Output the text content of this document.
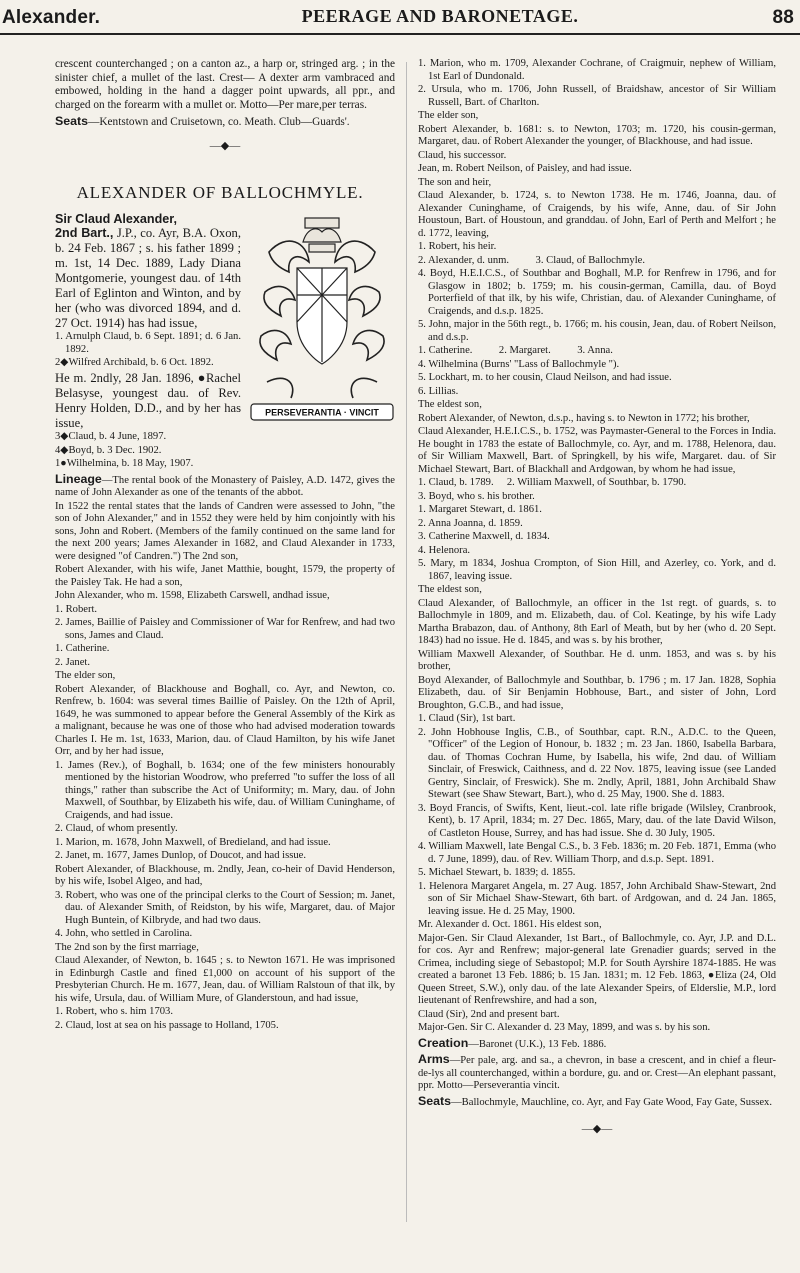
Alexander.	PEERAGE AND BARONETAGE.	88

crescent counterchanged ; on a canton az., a harp or, stringed arg. ; in the sinister chief, a mullet of the last. Crest— A dexter arm vambraced and embowed, holding in the hand a dagger point upwards, all ppr., and charged on the forearm with a mullet or. Motto—Per mare,per terras.

Seats—Kentstown and Cruisetown, co. Meath. Club—Guards'.

—◆—
ALEXANDER OF BALLOCHMYLE.
PERSEVERANTIA · VINCIT

Sir Claud Alexander,
2nd Bart., J.P., co. Ayr, B.A. Oxon, b. 24 Feb. 1867 ; s. his father 1899 ; m. 1st, 14 Dec. 1889, Lady Diana Montgomerie, youngest dau. of 14th Earl of Eglinton and Winton, and by her (who was divorced 1894, and d. 27 Oct. 1914) has had issue,

1. Arnulph Claud, b. 6 Sept. 1891; d. 6 Jan. 1892.

2◆Wilfred Archibald, b. 6 Oct. 1892.

He m. 2ndly, 28 Jan. 1896, ●Rachel Belasyse, youngest dau. of Rev. Henry Holden, D.D., and by her has issue,

3◆Claud, b. 4 June, 1897.

4◆Boyd, b. 3 Dec. 1902.

1●Wilhelmina, b. 18 May, 1907.

Lineage—The rental book of the Monastery of Paisley, A.D. 1472, gives the name of John Alexander as one of the tenants of the abbot.

In 1522 the rental states that the lands of Candren were assessed to John, "the son of John Alexander," and in 1552 they were held by him conjointly with his sons, John and Robert. (Members of the family continued on the same land for the next 200 years; James Alexander in 1682, and Claud Alexander in 1733, were designed "of Candren.") The 2nd son,

Robert Alexander, with his wife, Janet Matthie, bought, 1579, the property of the Paisley Tak. He had a son,

John Alexander, who m. 1598, Elizabeth Carswell, andhad issue,

1. Robert.

2. James, Baillie of Paisley and Commissioner of War for Renfrew, and had two sons, James and Claud.

1. Catherine.

2. Janet.

The elder son,

Robert Alexander, of Blackhouse and Boghall, co. Ayr, and Newton, co. Renfrew, b. 1604: was several times Baillie of Paisley. On the 12th of April, 1649, he was summoned to appear before the General Assembly of the Kirk as a malignant, because he was one of those who had advised moderation towards Charles I. He m. 1st, 1633, Marion, dau. of Claud Hamilton, by his wife Janet Orr, and by her had issue,

1. James (Rev.), of Boghall, b. 1634; one of the few ministers honourably mentioned by the historian Woodrow, who preferred "to suffer the loss of all things," rather than subscribe the Act of Uniformity; m. Mary, dau. of John Maxwell, of Southbar, by Elizabeth his wife, dau. of William Cuninghame, of Craigends, and had issue.

2. Claud, of whom presently.

1. Marion, m. 1678, John Maxwell, of Bredieland, and had issue.

2. Janet, m. 1677, James Dunlop, of Doucot, and had issue.

Robert Alexander, of Blackhouse, m. 2ndly, Jean, co-heir of David Henderson, by his wife, Isobel Algeo, and had,

3. Robert, who was one of the principal clerks to the Court of Session; m. Janet, dau. of Alexander Smith, of Reidston, by his wife, Margaret, dau. of Major Hugh Buntein, of Kilbryde, and had two daus.

4. John, who settled in Carolina.

The 2nd son by the first marriage,

Claud Alexander, of Newton, b. 1645 ; s. to Newton 1671. He was imprisoned in Edinburgh Castle and fined £1,000 on account of his support of the Presbyterian Church. He m. 1677, Jean, dau. of William Ralstoun of that ilk, by his wife, Ursula, dau. of William Mure, of Glanderstoun, and had issue,

1. Robert, who s. him 1703.

2. Claud, lost at sea on his passage to Holland, 1705.

1. Marion, who m. 1709, Alexander Cochrane, of Craigmuir, nephew of William, 1st Earl of Dundonald.

2. Ursula, who m. 1706, John Russell, of Braidshaw, ancestor of Sir William Russell, Bart. of Charlton.

The elder son,

Robert Alexander, b. 1681: s. to Newton, 1703; m. 1720, his cousin-german, Margaret, dau. of Robert Alexander the younger, of Blackhouse, and had issue.

Claud, his successor.

Jean, m. Robert Neilson, of Paisley, and had issue.

The son and heir,

Claud Alexander, b. 1724, s. to Newton 1738. He m. 1746, Joanna, dau. of Alexander Cuninghame, of Craigends, by his wife, Anne, dau. of Sir John Houstoun, Bart. of Houstoun, and granddau. of John, Earl of Perth and Melfort ; he d. 1772, leaving,

1. Robert, his heir.

2. Alexander, d. unm.          3. Claud, of Ballochmyle.

4. Boyd, H.E.I.C.S., of Southbar and Boghall, M.P. for Renfrew in 1796, and for Glasgow in 1802; b. 1759; m. his cousin-german, Camilla, dau. of Boyd Porterfield of that ilk, by his wife, Christian, dau. of Alexander Cuninghame, of Craigends, and d.s.p. 1825.

5. John, major in the 56th regt., b. 1766; m. his cousin, Jean, dau. of Robert Neilson, and d.s.p.

1. Catherine.          2. Margaret.          3. Anna.

4. Wilhelmina (Burns' "Lass of Ballochmyle ").

5. Lockhart, m. to her cousin, Claud Neilson, and had issue.

6. Lillias.

The eldest son,

Robert Alexander, of Newton, d.s.p., having s. to Newton in 1772; his brother,

Claud Alexander, H.E.I.C.S., b. 1752, was Paymaster-General to the Forces in India. He bought in 1783 the estate of Ballochmyle, co. Ayr, and m. 1788, Helenora, dau. of Sir William Maxwell, Bart. of Springkell, by his wife, Margaret. dau. of Sir Michael Stewart, Bart. of Blackhall and Ardgowan, by whom he had issue,

1. Claud, b. 1789.     2. William Maxwell, of Southbar, b. 1790.

3. Boyd, who s. his brother.

1. Margaret Stewart, d. 1861.

2. Anna Joanna, d. 1859.

3. Catherine Maxwell, d. 1834.

4. Helenora.

5. Mary, m 1834, Joshua Crompton, of Sion Hill, and Azerley, co. York, and d. 1867, leaving issue.

The eldest son,

Claud Alexander, of Ballochmyle, an officer in the 1st regt. of guards, s. to Ballochmyle in 1809, and m. Elizabeth, dau. of Col. Keatinge, by his wife Lady Martha Brabazon, dau. of Anthony, 8th Earl of Meath, but by her (who d. 20 Sept. 1843) had no issue. He d. 1845, and was s. by his brother,

William Maxwell Alexander, of Southbar. He d. unm. 1853, and was s. by his brother,

Boyd Alexander, of Ballochmyle and Southbar, b. 1796 ; m. 17 Jan. 1828, Sophia Elizabeth, dau. of Sir Benjamin Hobhouse, Bart., and sister of John, Lord Broughton, G.C.B., and had issue,

1. Claud (Sir), 1st bart.

2. John Hobhouse Inglis, C.B., of Southbar, capt. R.N., A.D.C. to the Queen, "Officer" of the Legion of Honour, b. 1832 ; m. 23 Jan. 1860, Isabella Barbara, dau. of Thomas Cochran Hume, by Isabella, his wife, 2nd dau. of William Sinclair, of Freswick, Caithness, and d. 22 Nov. 1875, leaving issue (see Landed Gentry, Sinclair, of Freswick). She m. 2ndly, April, 1881, John Archibald Shaw Stewart (see Shaw Stewart, Bart.), who d. 25 May, 1900. She d. 1883.

3. Boyd Francis, of Swifts, Kent, lieut.-col. late rifle brigade (Wilsley, Cranbrook, Kent), b. 17 April, 1834; m. 27 Dec. 1865, Mary, dau. of the late David Wilson, of Castleton House, Surrey, and has had issue. She d. 30 July, 1905.

4. William Maxwell, late Bengal C.S., b. 3 Feb. 1836; m. 20 Feb. 1871, Emma (who d. 7 June, 1899), dau. of Rev. William Thorp, and d.s.p. Sept. 1891.

5. Michael Stewart, b. 1839; d. 1855.

1. Helenora Margaret Angela, m. 27 Aug. 1857, John Archibald Shaw-Stewart, 2nd son of Sir Michael Shaw-Stewart, 6th bart. of Ardgowan, and d. 24 Jan. 1865, leaving issue. He d. 25 May, 1900.

Mr. Alexander d. Oct. 1861. His eldest son,

Major-Gen. Sir Claud Alexander, 1st Bart., of Ballochmyle, co. Ayr, J.P. and D.L. for cos. Ayr and Renfrew; major-general late Grenadier guards; served in the Crimea, including siege of Sebastopol; M.P. for South Ayrshire 1874-1885. He was created a baronet 13 Feb. 1886; b. 15 Jan. 1831; m. 12 Feb. 1863, ●Eliza (24, Old Queen Street, S.W.), only dau. of the late Alexander Speirs, of Elderslie, M.P., lord lieutenant of Renfrewshire, and had a son,

Claud (Sir), 2nd and present bart.

Major-Gen. Sir C. Alexander d. 23 May, 1899, and was s. by his son.

Creation—Baronet (U.K.), 13 Feb. 1886.

Arms—Per pale, arg. and sa., a chevron, in base a crescent, and in chief a fleur-de-lys all counterchanged, within a bordure, gu. and or. Crest—An elephant passant, ppr. Motto—Perseverantia vincit.

Seats—Ballochmyle, Mauchline, co. Ayr, and Fay Gate Wood, Fay Gate, Sussex.

—◆—
